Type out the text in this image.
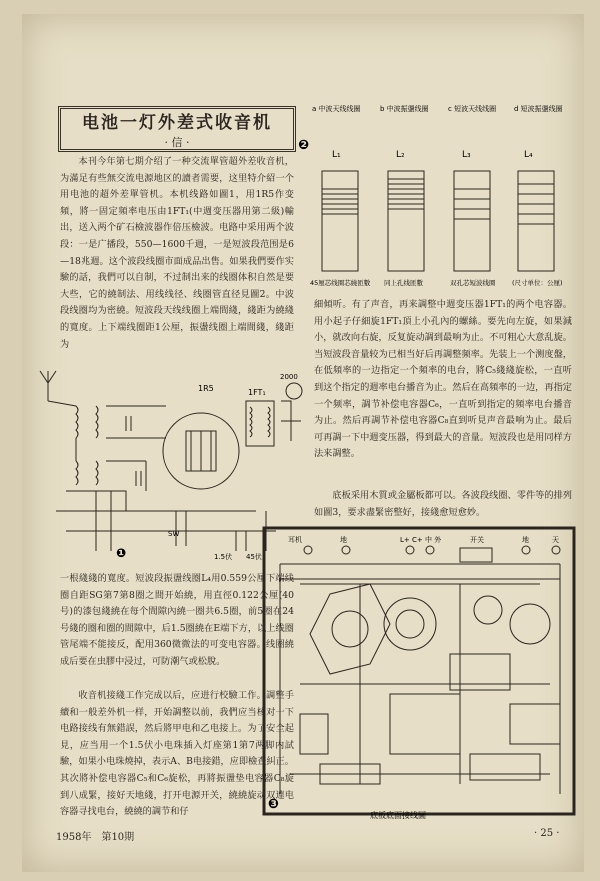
电池一灯外差式收音机
· 信 ·
本刊今年第七期介绍了一种交流單管超外差收音机，为滿足有些無交流电源地区的讀者需要，这里特介紹一个用电池的超外差單管机。本机线路如圖1，用1R5作变頻，將一固定頻率电压由1FT₁(中週变压器用第二級)輸出，送入两个矿石檢波器作倍压檢波。电路中采用两个波段：一是广播段，550—1600千週，一是短波段范围是6—18兆週。这个波段线圈市面成品出售。如果我們要作实驗的話，我們可以自制，不过制出来的线圈体积自然是要大些，它的繞制法、用线线径、线圈管直径見圖2。中波段线圈均为密繞。短波段天线线圈上端間綫，綫距为繞綫的寬度。上下端线圈距1公厘，振盪线圈上端間綫，綫距为
1R5	1FT₁
2000
SW
1.5伏 45伏
❶
一根綫綫的寬度。短波段振盪线圈L₄用0.559公厘下端线圈自距SG第7第8圈之間开始繞，用直徑0.122公厘(40号)的漆包綫繞在每个間隙內繞一圈共6.5圈，前5圈在24号綫的圈和圈的間隙中，后1.5圈繞在E端下方，以上线圈管尾端不能接反，配用360微微法的可变电容器。线圈繞成后要在虫膠中浸过，可防潮气或松脫。
收音机接綫工作完成以后，应进行校驗工作。調整手續和一般差外机一样，开始調整以前，我們应当核对一下电路接线有無錯誤，然后將甲电和乙电接上。为了安全起見，应当用一个1.5伏小电珠插入灯座第1第7两脚内試驗，如果小电珠燒掉，表示A、B电接錯，应即檢查糾正。其次將补偿电容器C₅和C₆旋松，再將振盪垫电容器C₈旋到八成緊，接好天地綫，打开电源开关，繞繞旋动双連电容器寻找电台，繞繞的調节和仔
a 中波天线线圈	b 中波振盪线圈	c 短波天线线圈	d 短波振盪线圈
❷
L₁	L₂	L₃	L₄
45厘芯线圈芯繞匝數 同上孔线匝數	双孔芯短波线圈	(尺寸单位：公厘)
細傾听。有了声音，再来調整中週变压器1FT₁的两个电容器。用小起子仔細旋1FT₁頂上小孔內的螺絲。要先向左旋，如果減小，就改向右旋，反复旋动調到最响为止。不可粗心大意乱旋。当短波段音量较为已相当好后再調整频率。先装上一个测度盤，在低頻率的一边指定一个頻率的电台，將C₅綫綫旋松，一直听到这个指定的週率电台播音为止。然后在高頻率的一边，再指定一个频率，調节补偿电容器C₆，一直听到指定的頻率电台播音为止。然后再調节补偿电容器C₈直到听見声音最响为止。最后可再調一下中週变压器，得到最大的音量。短波段也是用同样方法来調整。
底板采用木質或金屬板都可以。各波段线圈、零件等的排列如圖3，要求盡緊密整好，接綫愈短愈妙。
耳机	地	L+ C+ 中 外	开关	地	天
❸
底板底面接线圖
1958年　第10期	· 25 ·
